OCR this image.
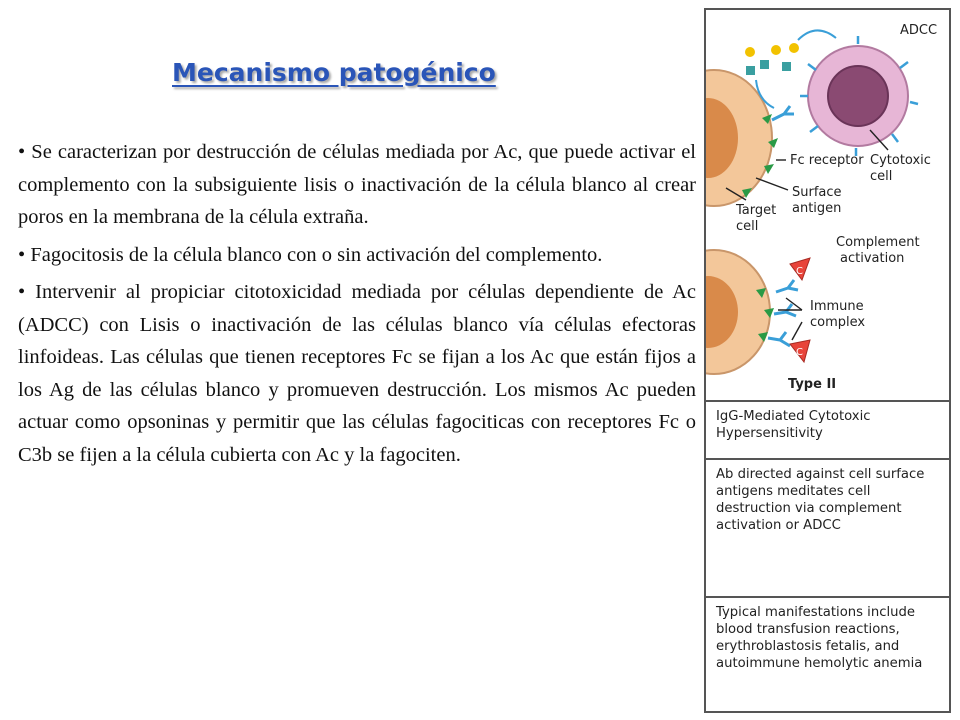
Mecanismo patogénico

• Se caracterizan por destrucción de células mediada por Ac, que puede activar el complemento con la subsiguiente lisis o inactivación de la célula blanco al crear poros en la membrana de la célula extraña.

• Fagocitosis de la célula blanco con o sin activación del complemento.

• Intervenir al propiciar citotoxicidad mediada por células dependiente de Ac (ADCC) con Lisis o inactivación de las células blanco vía células efectoras linfoideas. Las células que tienen receptores Fc se fijan a los Ac que están fijos a los Ag de las células blanco y promueven destrucción. Los mismos Ac pueden actuar como opsoninas y permitir que las células fagociticas con receptores Fc o C3b se fijen a la célula cubierta con Ac y la fagociten.

C
C
ADCC
Fc receptor Cytotoxic
cell
Surface
antigen
Target
cell
Complement
activation
Immune
complex
Type II
IgG-Mediated Cytotoxic Hypersensitivity
Ab directed against cell surface antigens meditates cell destruction via complement activation or ADCC
Typical manifestations include blood transfusion reactions, erythroblastosis fetalis, and autoimmune hemolytic anemia
